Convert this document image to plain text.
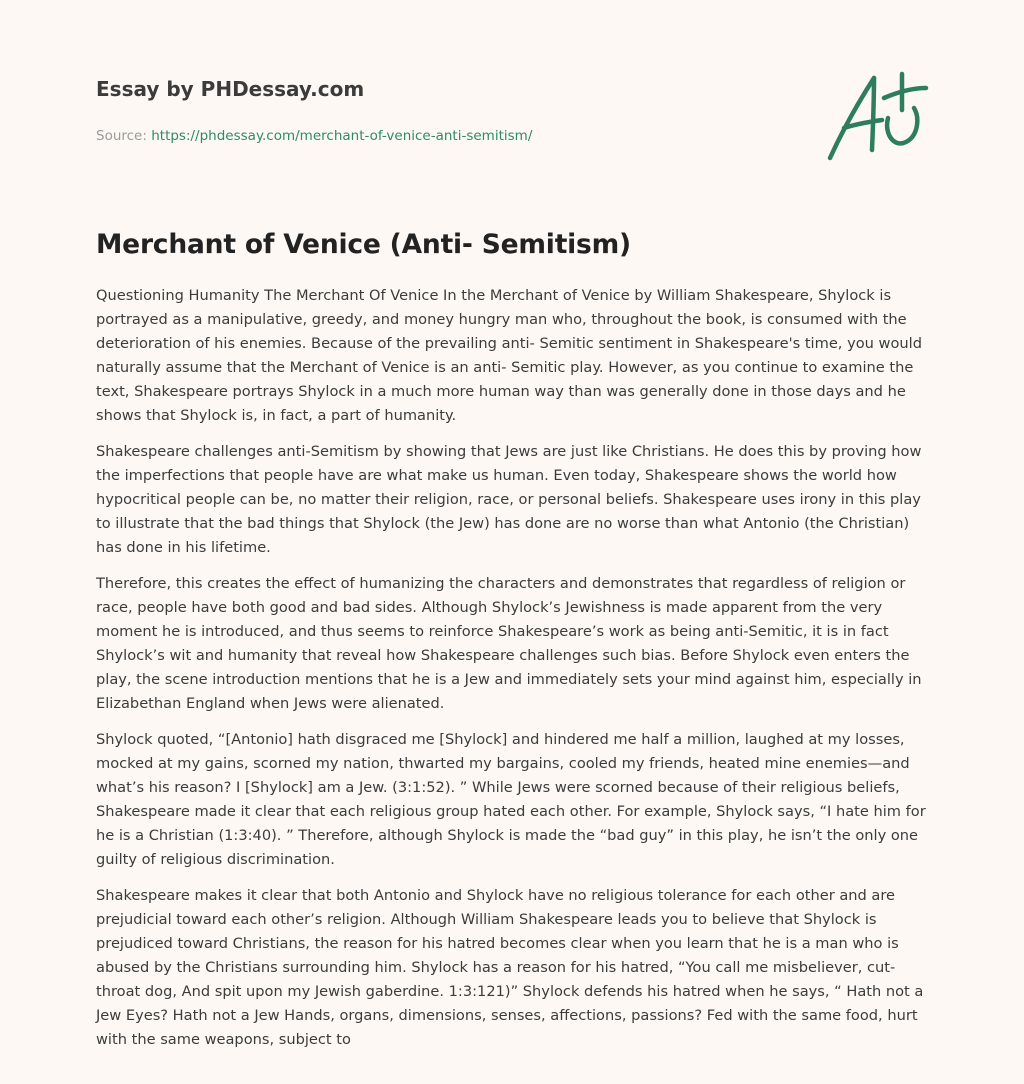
Essay by PHDessay.com
Source: https://phdessay.com/merchant-of-venice-anti-semitism/
Merchant of Venice (Anti- Semitism)

Questioning Humanity The Merchant Of Venice In the Merchant of Venice by William Shakespeare, Shylock is portrayed as a manipulative, greedy, and money hungry man who, throughout the book, is consumed with the deterioration of his enemies. Because of the prevailing anti- Semitic sentiment in Shakespeare's time, you would naturally assume that the Merchant of Venice is an anti- Semitic play. However, as you continue to examine the text, Shakespeare portrays Shylock in a much more human way than was generally done in those days and he shows that Shylock is, in fact, a part of humanity.

Shakespeare challenges anti-Semitism by showing that Jews are just like Christians. He does this by proving how the imperfections that people have are what make us human. Even today, Shakespeare shows the world how hypocritical people can be, no matter their religion, race, or personal beliefs. Shakespeare uses irony in this play to illustrate that the bad things that Shylock (the Jew) has done are no worse than what Antonio (the Christian) has done in his lifetime.

Therefore, this creates the effect of humanizing the characters and demonstrates that regardless of religion or race, people have both good and bad sides. Although Shylock’s Jewishness is made apparent from the very moment he is introduced, and thus seems to reinforce Shakespeare’s work as being anti-Semitic, it is in fact Shylock’s wit and humanity that reveal how Shakespeare challenges such bias. Before Shylock even enters the play, the scene introduction mentions that he is a Jew and immediately sets your mind against him, especially in Elizabethan England when Jews were alienated.

Shylock quoted, “[Antonio] hath disgraced me [Shylock] and hindered me half a million, laughed at my losses, mocked at my gains, scorned my nation, thwarted my bargains, cooled my friends, heated mine enemies—and what’s his reason? I [Shylock] am a Jew. (3:1:52). ” While Jews were scorned because of their religious beliefs, Shakespeare made it clear that each religious group hated each other. For example, Shylock says, “I hate him for he is a Christian (1:3:40). ” Therefore, although Shylock is made the “bad guy” in this play, he isn’t the only one guilty of religious discrimination.

Shakespeare makes it clear that both Antonio and Shylock have no religious tolerance for each other and are prejudicial toward each other’s religion. Although William Shakespeare leads you to believe that Shylock is prejudiced toward Christians, the reason for his hatred becomes clear when you learn that he is a man who is abused by the Christians surrounding him. Shylock has a reason for his hatred, “You call me misbeliever, cut-throat dog, And spit upon my Jewish gaberdine. 1:3:121)” Shylock defends his hatred when he says, “ Hath not a Jew Eyes? Hath not a Jew Hands, organs, dimensions, senses, affections, passions? Fed with the same food, hurt with the same weapons, subject to
